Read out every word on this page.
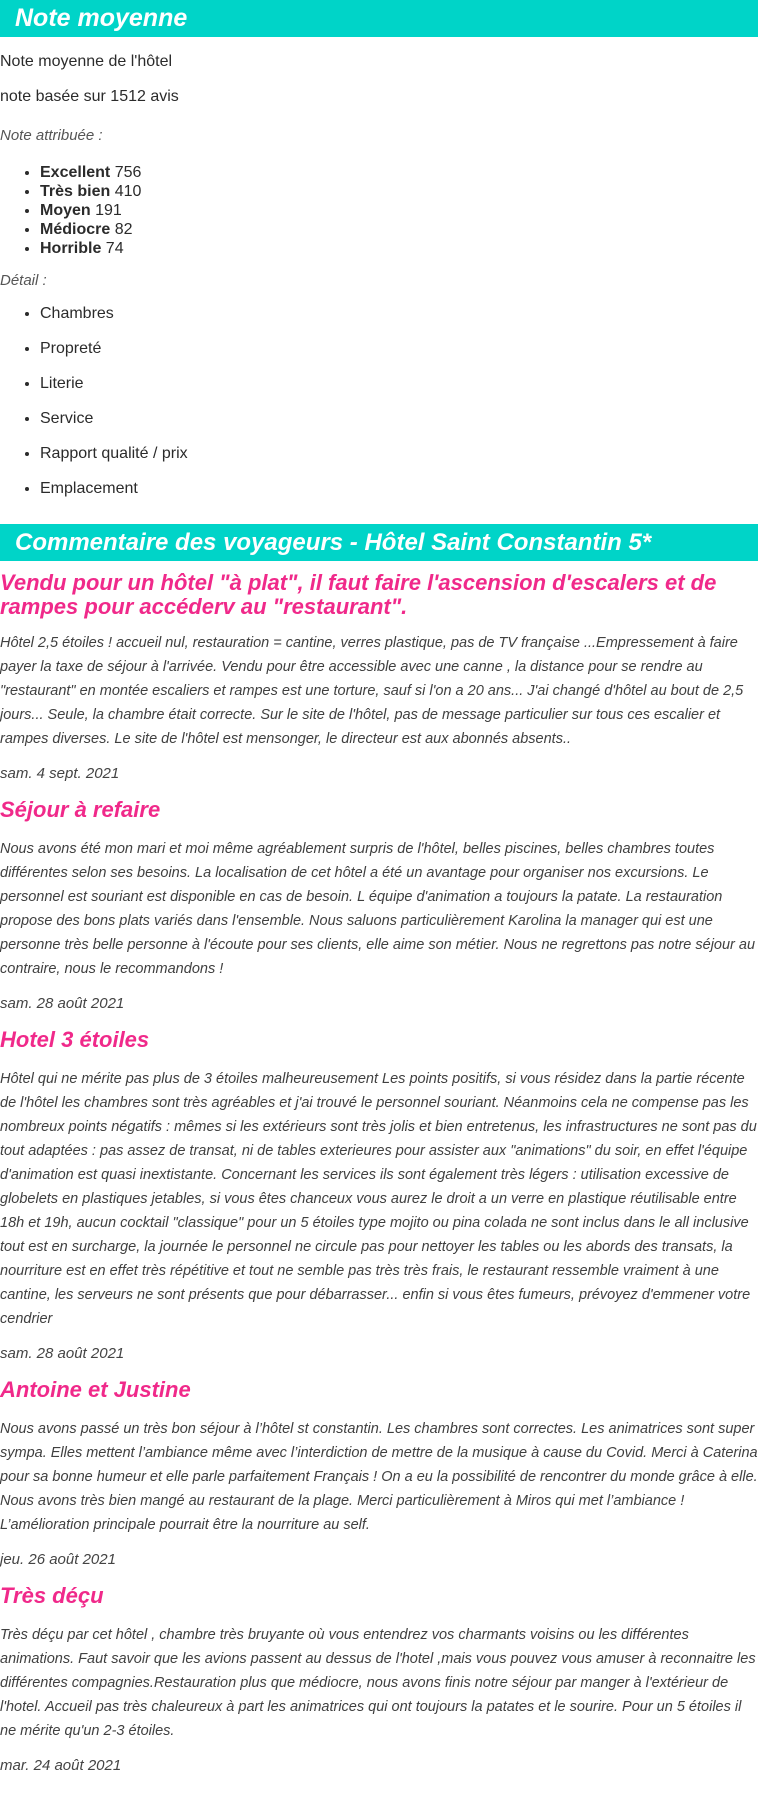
Note moyenne

Note moyenne de l'hôtel

note basée sur 1512 avis

Note attribuée :

• Excellent 756
• Très bien 410
• Moyen 191
• Médiocre 82
• Horrible 74

Détail :

• Chambres
• Propreté
• Literie
• Service
• Rapport qualité / prix
• Emplacement
Commentaire des voyageurs - Hôtel Saint Constantin 5*
Vendu pour un hôtel "à plat", il faut faire l'ascension d'escalers et de rampes pour accéderv au "restaurant".

Hôtel 2,5 étoiles ! accueil nul, restauration = cantine, verres plastique, pas de TV française ...Empressement à faire payer la taxe de séjour à l'arrivée. Vendu pour être accessible avec une canne , la distance pour se rendre au "restaurant" en montée escaliers et rampes est une torture, sauf si l'on a 20 ans... J'ai changé d'hôtel au bout de 2,5 jours... Seule, la chambre était correcte. Sur le site de l'hôtel, pas de message particulier sur tous ces escalier et rampes diverses. Le site de l'hôtel est mensonger, le directeur est aux abonnés absents..

sam. 4 sept. 2021

Séjour à refaire

Nous avons été mon mari et moi même agréablement surpris de l'hôtel, belles piscines, belles chambres toutes différentes selon ses besoins. La localisation de cet hôtel a été un avantage pour organiser nos excursions. Le personnel est souriant est disponible en cas de besoin. L équipe d'animation a toujours la patate. La restauration propose des bons plats variés dans l'ensemble. Nous saluons particulièrement Karolina la manager qui est une personne très belle personne à l'écoute pour ses clients, elle aime son métier. Nous ne regrettons pas notre séjour au contraire, nous le recommandons !

sam. 28 août 2021

Hotel 3 étoiles

Hôtel qui ne mérite pas plus de 3 étoiles malheureusement Les points positifs, si vous résidez dans la partie récente de l'hôtel les chambres sont très agréables et j'ai trouvé le personnel souriant. Néanmoins cela ne compense pas les nombreux points négatifs : mêmes si les extérieurs sont très jolis et bien entretenus, les infrastructures ne sont pas du tout adaptées : pas assez de transat, ni de tables exterieures pour assister aux "animations" du soir, en effet l'équipe d'animation est quasi inextistante. Concernant les services ils sont également très légers : utilisation excessive de globelets en plastiques jetables, si vous êtes chanceux vous aurez le droit a un verre en plastique réutilisable entre 18h et 19h, aucun cocktail "classique" pour un 5 étoiles type mojito ou pina colada ne sont inclus dans le all inclusive tout est en surcharge, la journée le personnel ne circule pas pour nettoyer les tables ou les abords des transats, la nourriture est en effet très répétitive et tout ne semble pas très très frais, le restaurant ressemble vraiment à une cantine, les serveurs ne sont présents que pour débarrasser... enfin si vous êtes fumeurs, prévoyez d'emmener votre cendrier

sam. 28 août 2021

Antoine et Justine

Nous avons passé un très bon séjour à l’hôtel st constantin. Les chambres sont correctes. Les animatrices sont super sympa. Elles mettent l’ambiance même avec l’interdiction de mettre de la musique à cause du Covid. Merci à Caterina pour sa bonne humeur et elle parle parfaitement Français ! On a eu la possibilité de rencontrer du monde grâce à elle. Nous avons très bien mangé au restaurant de la plage. Merci particulièrement à Miros qui met l’ambiance ! L’amélioration principale pourrait être la nourriture au self.

jeu. 26 août 2021

Très déçu

Très déçu par cet hôtel , chambre très bruyante où vous entendrez vos charmants voisins ou les différentes animations. Faut savoir que les avions passent au dessus de l'hotel ,mais vous pouvez vous amuser à reconnaitre les différentes compagnies.Restauration plus que médiocre, nous avons finis notre séjour par manger à l'extérieur de l'hotel. Accueil pas très chaleureux à part les animatrices qui ont toujours la patates et le sourire. Pour un 5 étoiles il ne mérite qu'un 2-3 étoiles.

mar. 24 août 2021
